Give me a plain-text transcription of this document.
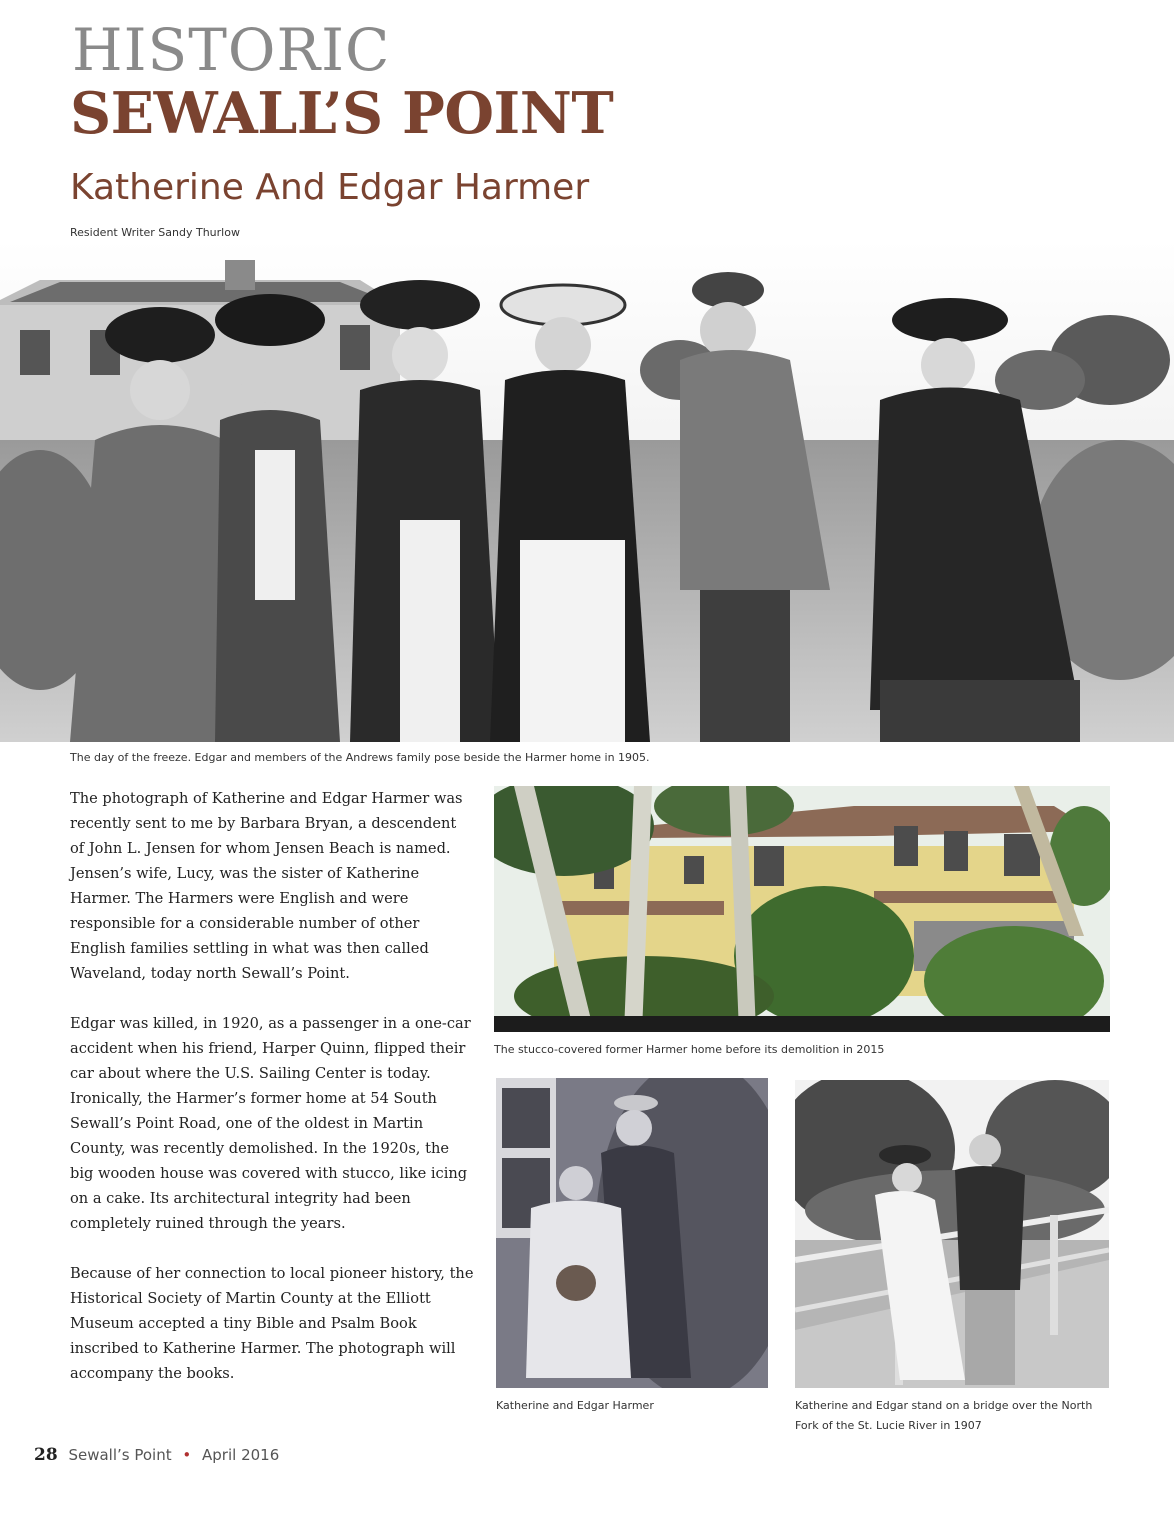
HISTORIC
SEWALL’S POINT
Katherine And Edgar Harmer
Resident Writer Sandy Thurlow
The day of the freeze. Edgar and members of the Andrews family pose beside the Harmer home in 1905.

The photograph of Katherine and Edgar Harmer was recently sent to me by Barbara Bryan, a descendent of John L. Jensen for whom Jensen Beach is named. Jensen’s wife, Lucy, was the sister of Katherine Harmer. The Harmers were English and were responsible for a considerable number of other English families settling in what was then called Waveland, today north Sewall’s Point.

Edgar was killed, in 1920, as a passenger in a one-car accident when his friend, Harper Quinn, flipped their car about where the U.S. Sailing Center is today. Ironically, the Harmer’s former home at 54 South Sewall’s Point Road, one of the oldest in Martin County, was recently demolished. In the 1920s, the big wooden house was covered with stucco, like icing on a cake. Its architectural integrity had been completely ruined through the years.

Because of her connection to local pioneer history, the Historical Society of Martin County at the Elliott Museum accepted a tiny Bible and Psalm Book inscribed to Katherine Harmer. The photograph will accompany the books.

The stucco-covered former Harmer home before its demolition in 2015
Katherine and Edgar Harmer	Katherine and Edgar stand on a bridge over the North
Fork of the St. Lucie River in 1907
28 Sewall’s Point • April 2016
